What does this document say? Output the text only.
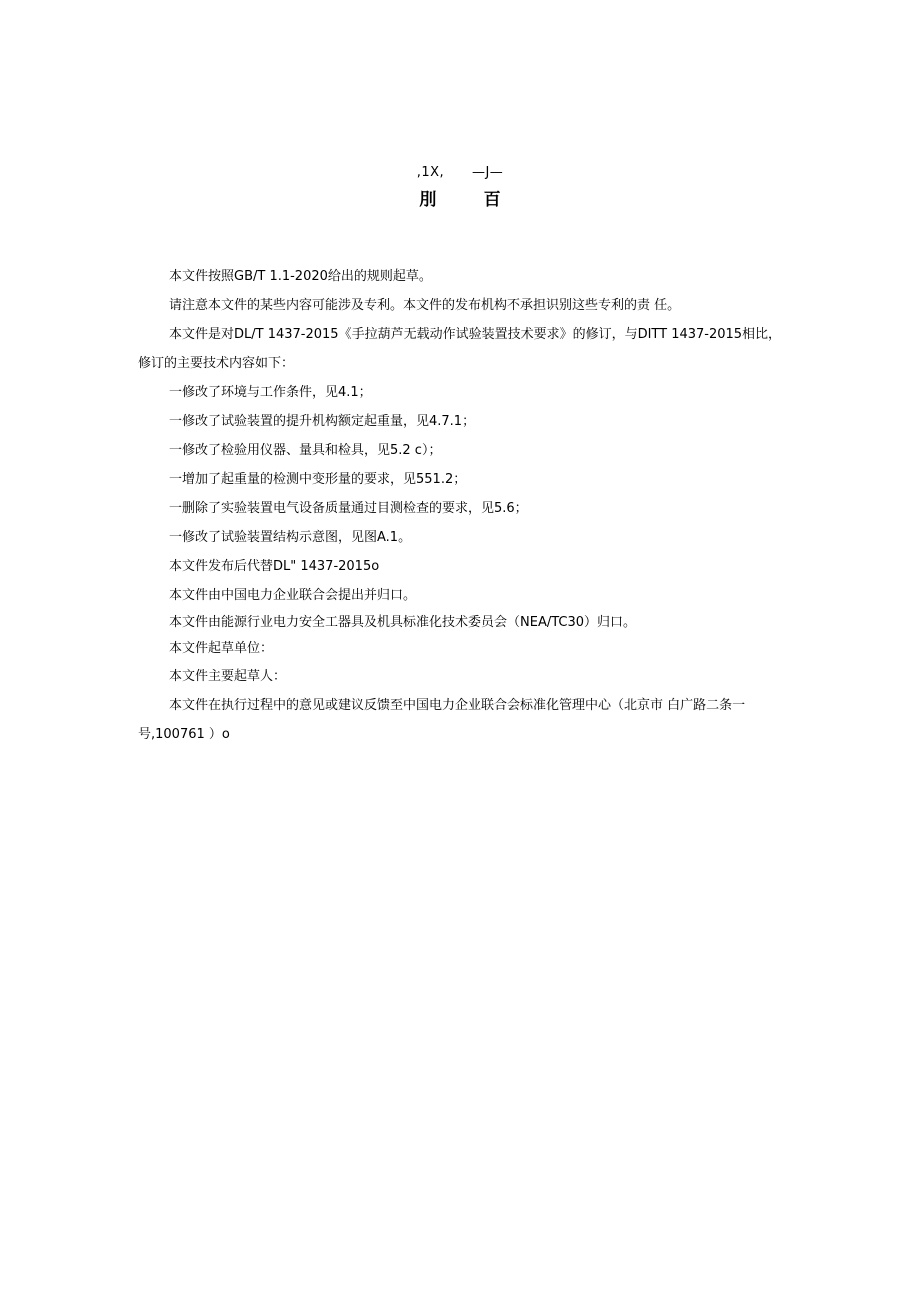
,1X,      —J—
刖        百

本文件按照GB/T 1.1-2020给出的规则起草。

请注意本文件的某些内容可能涉及专利。本文件的发布机构不承担识别这些专利的责 任。

本文件是对DL/T 1437-2015《手拉葫芦无载动作试验装置技术要求》的修订，与DITT 1437-2015相比，修订的主要技术内容如下：

一修改了环境与工作条件，见4.1；

一修改了试验装置的提升机构额定起重量，见4.7.1；

一修改了检验用仪器、量具和检具，见5.2 c）；

一增加了起重量的检测中变形量的要求，见551.2；

一删除了实验装置电气设备质量通过目测检查的要求，见5.6；

一修改了试验装置结构示意图，见图A.1。

本文件发布后代替DL" 1437-2015o

本文件由中国电力企业联合会提出并归口。

本文件由能源行业电力安全工器具及机具标准化技术委员会（NEA/TC30）归口。

本文件起草单位：

本文件主要起草人：

本文件在执行过程中的意见或建议反馈至中国电力企业联合会标准化管理中心（北京市 白广路二条一号,100761 ）o
